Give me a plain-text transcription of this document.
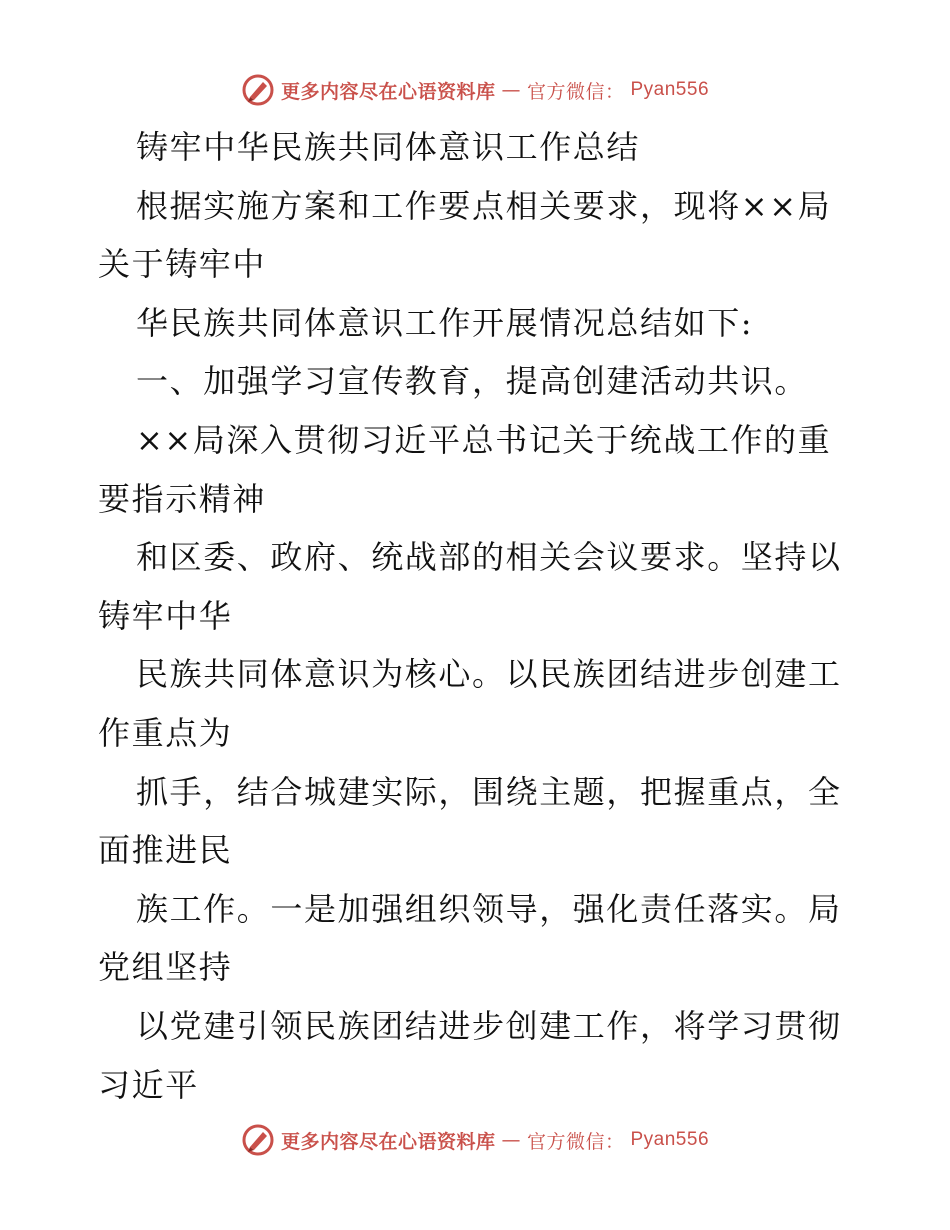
更多内容尽在心语资料库 — 官方微信： Pyan556
铸牢中华民族共同体意识工作总结
根据实施方案和工作要点相关要求，现将××局
关于铸牢中
华民族共同体意识工作开展情况总结如下:
一、加强学习宣传教育，提高创建活动共识。
××局深入贯彻习近平总书记关于统战工作的重
要指示精神
和区委、政府、统战部的相关会议要求。坚持以
铸牢中华
民族共同体意识为核心。以民族团结进步创建工
作重点为
抓手，结合城建实际，围绕主题，把握重点，全
面推进民
族工作。一是加强组织领导，强化责任落实。局
党组坚持
以党建引领民族团结进步创建工作，将学习贯彻
习近平
更多内容尽在心语资料库 — 官方微信： Pyan556
